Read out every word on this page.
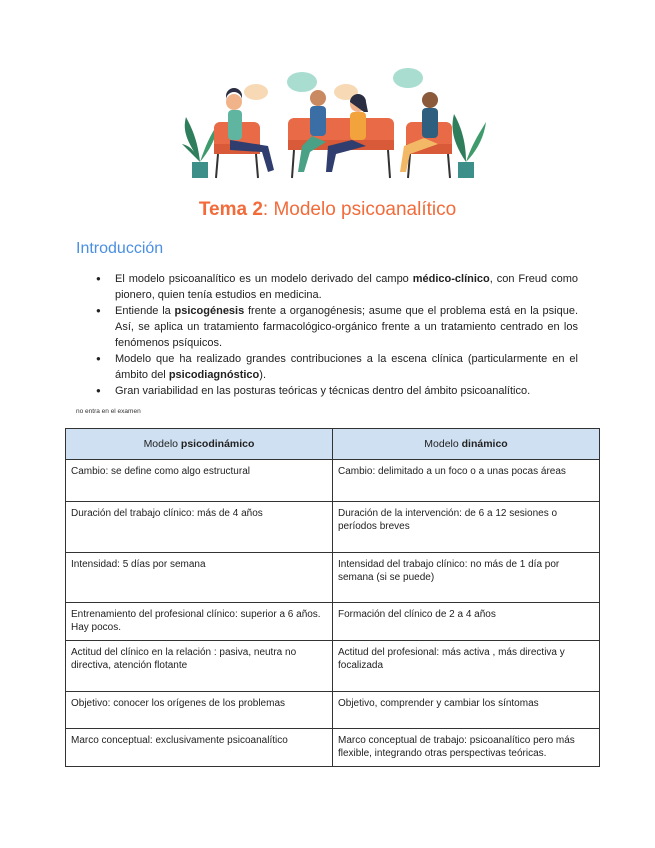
Tema 2: Modelo psicoanalítico
Introducción
● El modelo psicoanalítico es un modelo derivado del campo médico-clínico, con Freud como pionero, quien tenía estudios en medicina.
● Entiende la psicogénesis frente a organogénesis; asume que el problema está en la psique. Así, se aplica un tratamiento farmacológico-orgánico frente a un tratamiento centrado en los fenómenos psíquicos.
● Modelo que ha realizado grandes contribuciones a la escena clínica (particularmente en el ámbito del psicodiagnóstico).
● Gran variabilidad en las posturas teóricas y técnicas dentro del ámbito psicoanalítico.
no entra en el examen
Modelo psicodinámico	Modelo dinámico
Cambio: se define como algo estructural	Cambio: delimitado a un foco o a unas pocas áreas
Duración del trabajo clínico: más de 4 años	Duración de la intervención: de 6 a 12 sesiones o períodos breves
Intensidad: 5 días por semana	Intensidad del trabajo clínico: no más de 1 día por semana (si se puede)
Entrenamiento del profesional clínico: superior a 6 años. Hay pocos.	Formación del clínico de 2 a 4 años
Actitud del clínico en la relación : pasiva, neutra no directiva, atención flotante	Actitud del profesional: más activa , más directiva y focalizada
Objetivo: conocer los orígenes de los problemas	Objetivo, comprender y cambiar los síntomas
Marco conceptual: exclusivamente psicoanalítico	Marco conceptual de trabajo: psicoanalítico pero más flexible, integrando otras perspectivas teóricas.
